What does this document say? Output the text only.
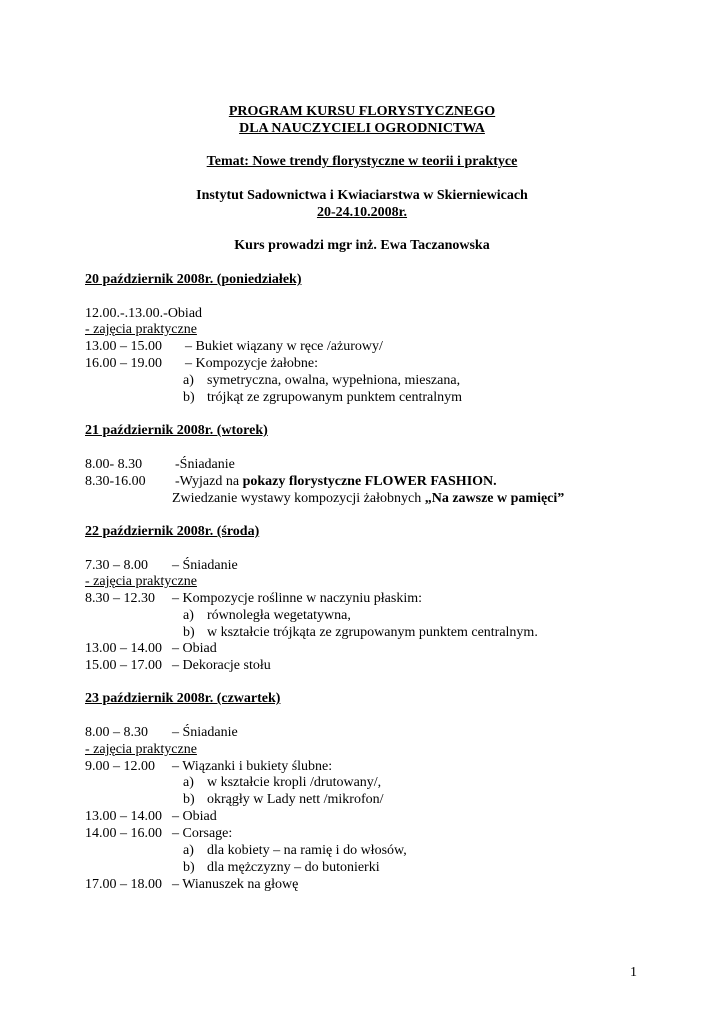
PROGRAM KURSU FLORYSTYCZNEGO
DLA NAUCZYCIELI OGRODNICTWA
Temat: Nowe trendy florystyczne w teorii i praktyce
Instytut Sadownictwa i Kwiaciarstwa w Skierniewicach
20-24.10.2008r.
Kurs prowadzi mgr inż. Ewa Taczanowska
20 październik 2008r. (poniedziałek)
12.00.-.13.00.-Obiad
- zajęcia praktyczne
13.00 – 15.00 – Bukiet wiązany w ręce /ażurowy/
16.00 – 19.00 – Kompozycje żałobne:
a) symetryczna, owalna, wypełniona, mieszana,
b) trójkąt ze zgrupowanym punktem centralnym
21 październik 2008r. (wtorek)
8.00- 8.30 -Śniadanie
8.30-16.00 -Wyjazd na pokazy florystyczne FLOWER FASHION.
Zwiedzanie wystawy kompozycji żałobnych „Na zawsze w pamięci”
22 październik 2008r. (środa)
7.30 – 8.00 – Śniadanie
- zajęcia praktyczne
8.30 – 12.30 – Kompozycje roślinne w naczyniu płaskim:
a) równoległa wegetatywna,
b) w kształcie trójkąta ze zgrupowanym punktem centralnym.
13.00 – 14.00 – Obiad
15.00 – 17.00 – Dekoracje stołu
23 październik 2008r. (czwartek)
8.00 – 8.30 – Śniadanie
- zajęcia praktyczne
9.00 – 12.00 – Wiązanki i bukiety ślubne:
a) w kształcie kropli /drutowany/,
b) okrągły w Lady nett /mikrofon/
13.00 – 14.00 – Obiad
14.00 – 16.00 – Corsage:
a) dla kobiety – na ramię i do włosów,
b) dla mężczyzny – do butonierki
17.00 – 18.00 – Wianuszek na głowę
1
